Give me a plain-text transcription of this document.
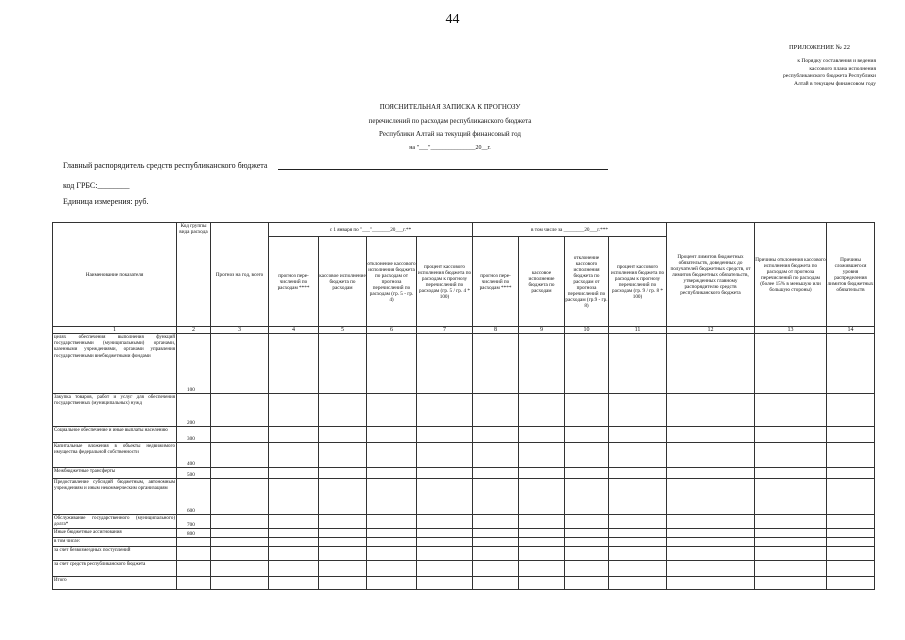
44
ПРИЛОЖЕНИЕ № 22
к Порядку составления и ведения
кассового плана исполнения
республиканского бюджета Республики
Алтай в текущем финансовом году
ПОЯСНИТЕЛЬНАЯ ЗАПИСКА К ПРОГНОЗУ
перечислений по расходам республиканского бюджета
Республики Алтай на текущий финансовый год
на "___"_______________20__г.
Главный распорядитель средств республиканского бюджета
код ГРБС:________
Единица измерения: руб.
Наименование показателя	Код группы вида расхода	Прогноз на год, всего	с 1 января по "___"_______20___г.**				в том числе за ________20___г.***				Процент лимитов бюджетных обязательств, доведенных до получателей бюджетных средств, от лимитов бюджетных обязательств, утвержденных главному распорядителю средств республиканского бюджета	Причины отклонения кассового исполнения бюджета по расходам от прогноза перечислений по расходам (более 15% в меньшую или большую стороны)	Причины сложившегося уровня распределения лимитов бюджетных обязательств
			прогноз пере-числений по расходам ****	кассовое исполнение бюджета по расходам	отклонение кассового исполнения бюджета по расходам от прогноза перечислений по расходам (гр. 5 - гр. 4)	процент кассового исполнения бюджета по расходам к прогнозу перечислений по расходам (гр. 5 / гр. 4 * 100)	прогноз пере-числений по расходам ****	кассовое исполнение бюджета по расходам	отклонение кассового исполнения бюджета по расходам от прогноза перечислений по расходам (гр.9 - гр. 8)	процент кассового исполнения бюджета по расходам к прогнозу перечислений по расходам (гр. 9 / гр. 8 * 100)			
1	2	3	4	5	6	7	8	9	10	11	12	13	14
целях обеспечения выполнения функций государственными (муниципальными) органами, казенными учреждениями, органами управления государственными внебюджетными фондами	100												
Закупка товаров, работ и услуг для обеспечения государственных (муниципальных) нужд	200												
Социальное обеспечение и иные выплаты населению	300												
Капитальные вложения в объекты недвижимого имущества федеральной собственности	400												
Межбюджетные трансферты	500												
Предоставление субсидий бюджетным, автономным учреждениям и иным некоммерческим организациям	600												
Обслуживание государственного (муниципального) долга*	700												
Иные бюджетные ассигнования	800												
в том числе:													
за счет безвозмездных поступлений													
за счет средств республиканского бюджета													
Итого													
